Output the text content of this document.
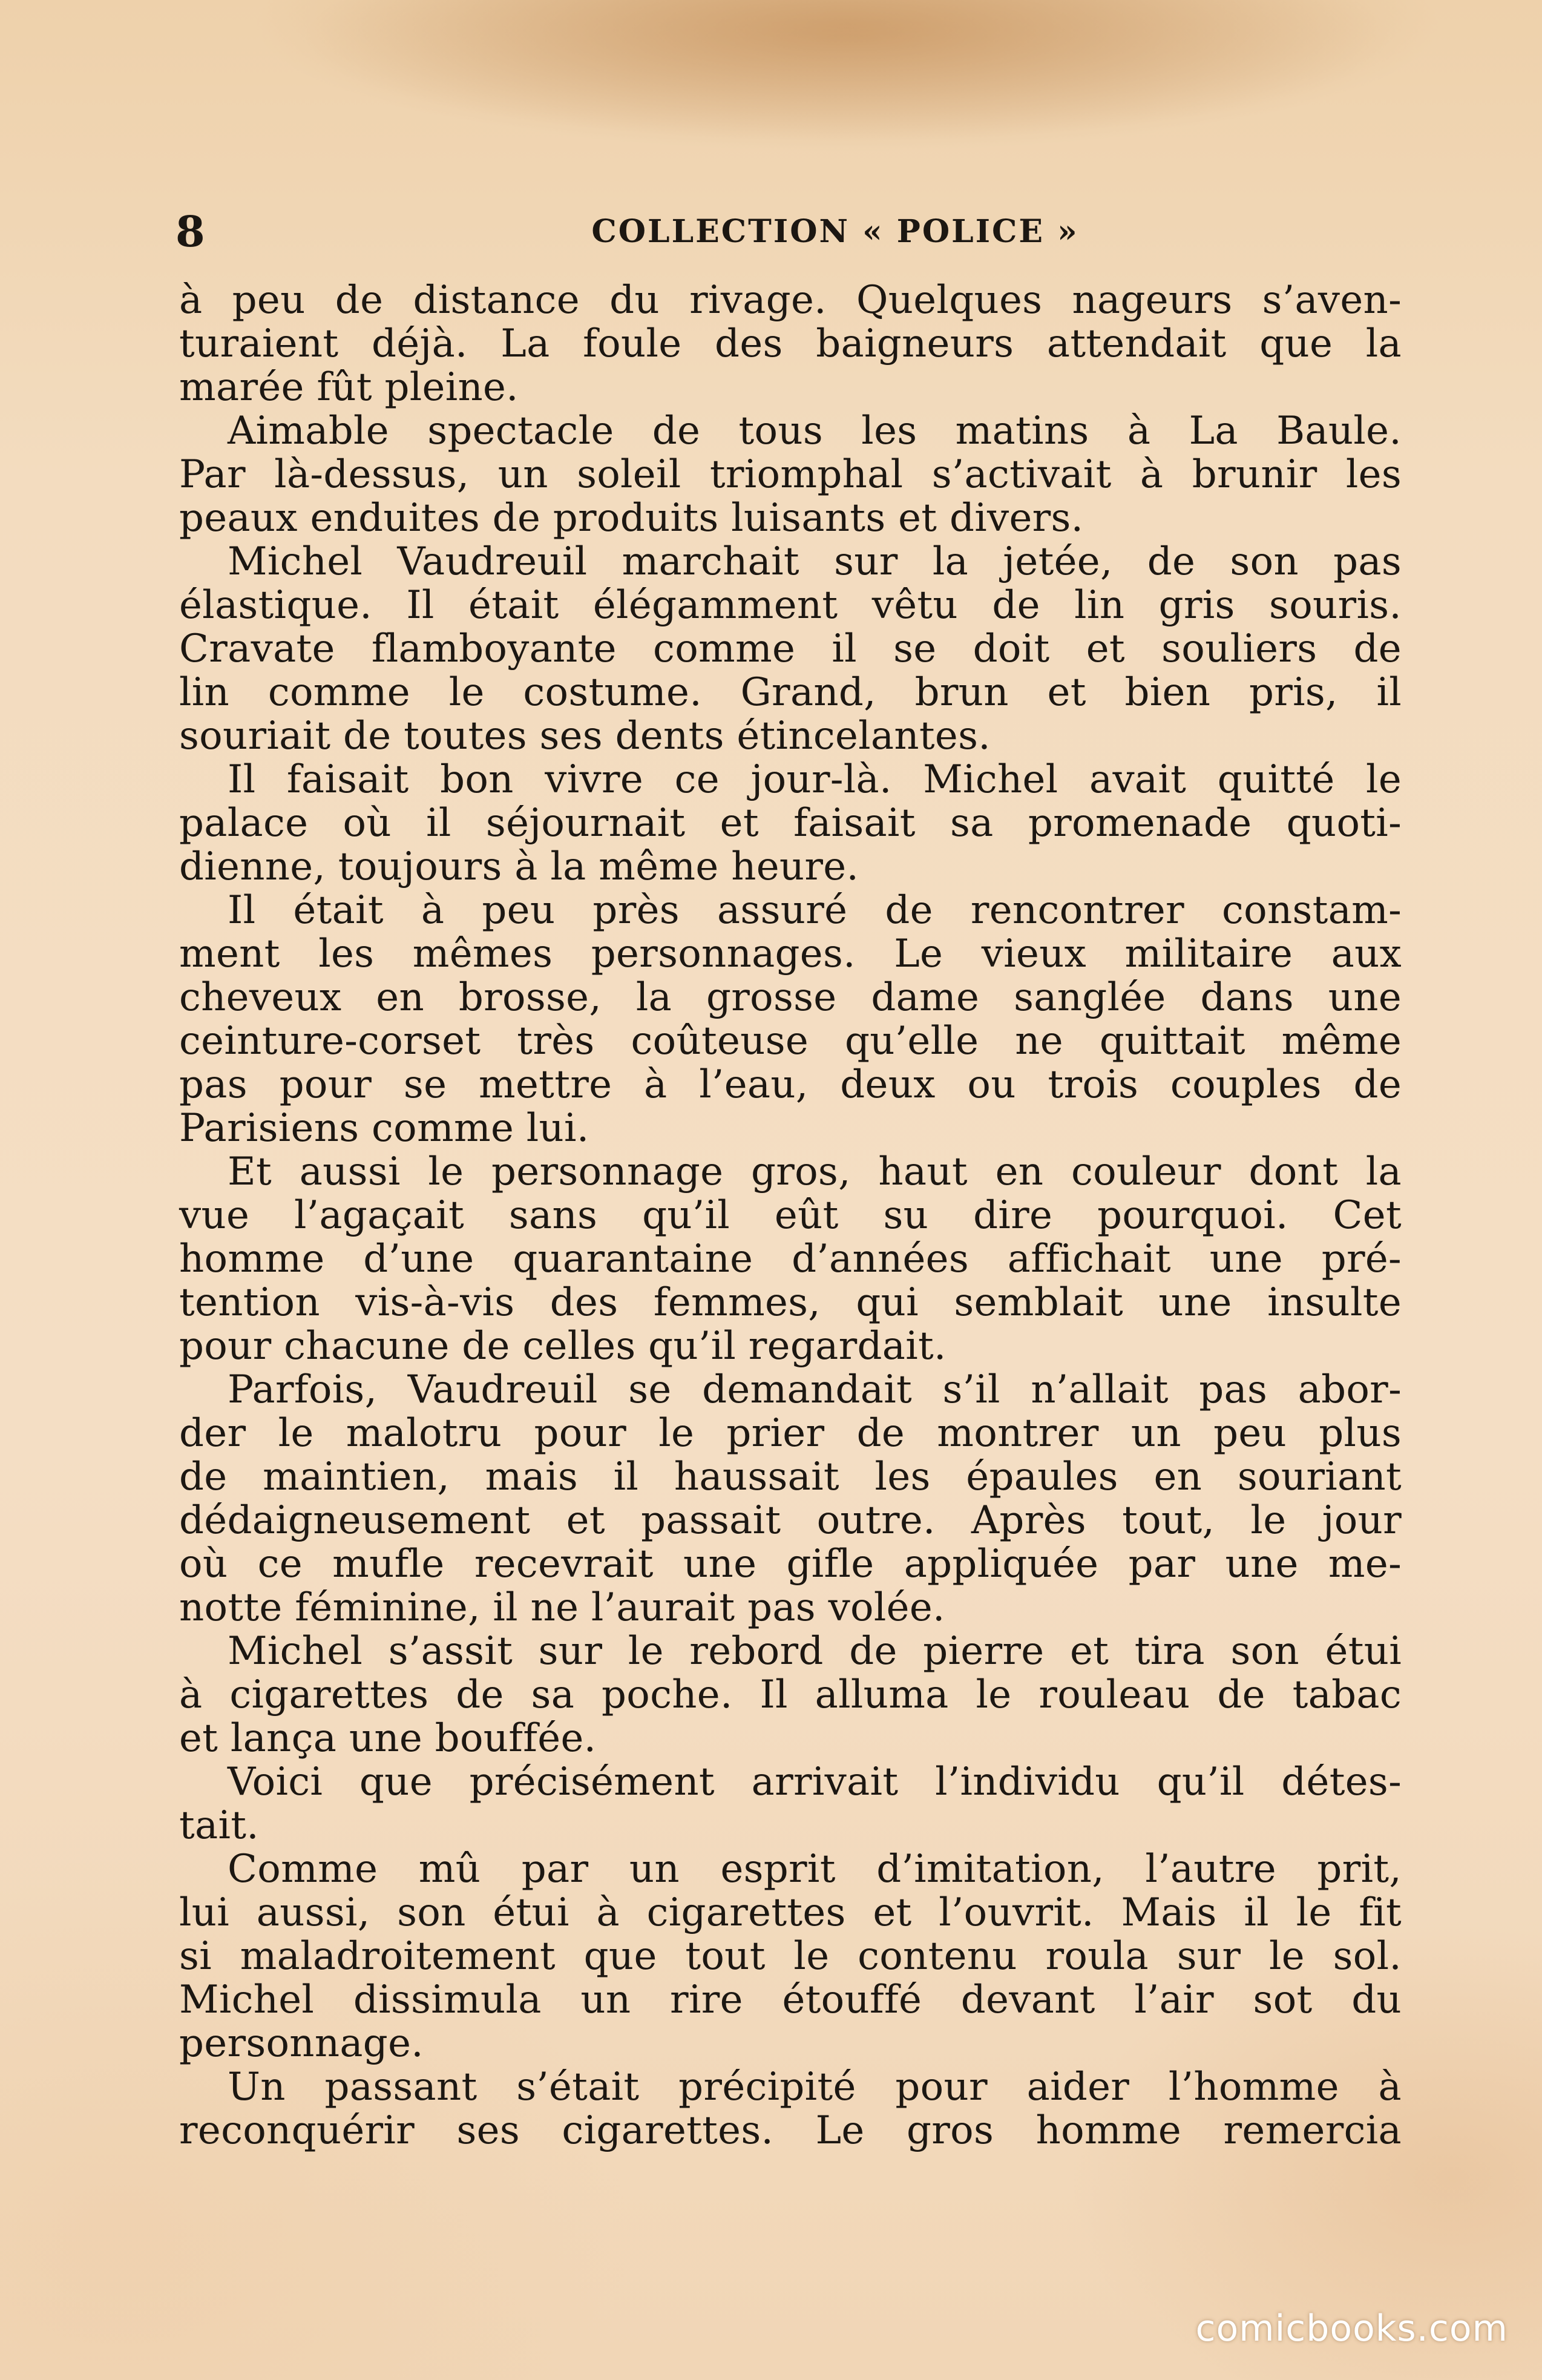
8	COLLECTION « POLICE »
à peu de distance du rivage. Quelques nageurs s’aven-
turaient déjà. La foule des baigneurs attendait que la
marée fût pleine.
Aimable spectacle de tous les matins à La Baule.
Par là-dessus, un soleil triomphal s’activait à brunir les
peaux enduites de produits luisants et divers.
Michel Vaudreuil marchait sur la jetée, de son pas
élastique. Il était élégamment vêtu de lin gris souris.
Cravate flamboyante comme il se doit et souliers de
lin comme le costume. Grand, brun et bien pris, il
souriait de toutes ses dents étincelantes.
Il faisait bon vivre ce jour-là. Michel avait quitté le
palace où il séjournait et faisait sa promenade quoti-
dienne, toujours à la même heure.
Il était à peu près assuré de rencontrer constam-
ment les mêmes personnages. Le vieux militaire aux
cheveux en brosse, la grosse dame sanglée dans une
ceinture-corset très coûteuse qu’elle ne quittait même
pas pour se mettre à l’eau, deux ou trois couples de
Parisiens comme lui.
Et aussi le personnage gros, haut en couleur dont la
vue l’agaçait sans qu’il eût su dire pourquoi. Cet
homme d’une quarantaine d’années affichait une pré-
tention vis-à-vis des femmes, qui semblait une insulte
pour chacune de celles qu’il regardait.
Parfois, Vaudreuil se demandait s’il n’allait pas abor-
der le malotru pour le prier de montrer un peu plus
de maintien, mais il haussait les épaules en souriant
dédaigneusement et passait outre. Après tout, le jour
où ce mufle recevrait une gifle appliquée par une me-
notte féminine, il ne l’aurait pas volée.
Michel s’assit sur le rebord de pierre et tira son étui
à cigarettes de sa poche. Il alluma le rouleau de tabac
et lança une bouffée.
Voici que précisément arrivait l’individu qu’il détes-
tait.
Comme mû par un esprit d’imitation, l’autre prit,
lui aussi, son étui à cigarettes et l’ouvrit. Mais il le fit
si maladroitement que tout le contenu roula sur le sol.
Michel dissimula un rire étouffé devant l’air sot du
personnage.
Un passant s’était précipité pour aider l’homme à
reconquérir ses cigarettes. Le gros homme remercia
comicbooks.com
